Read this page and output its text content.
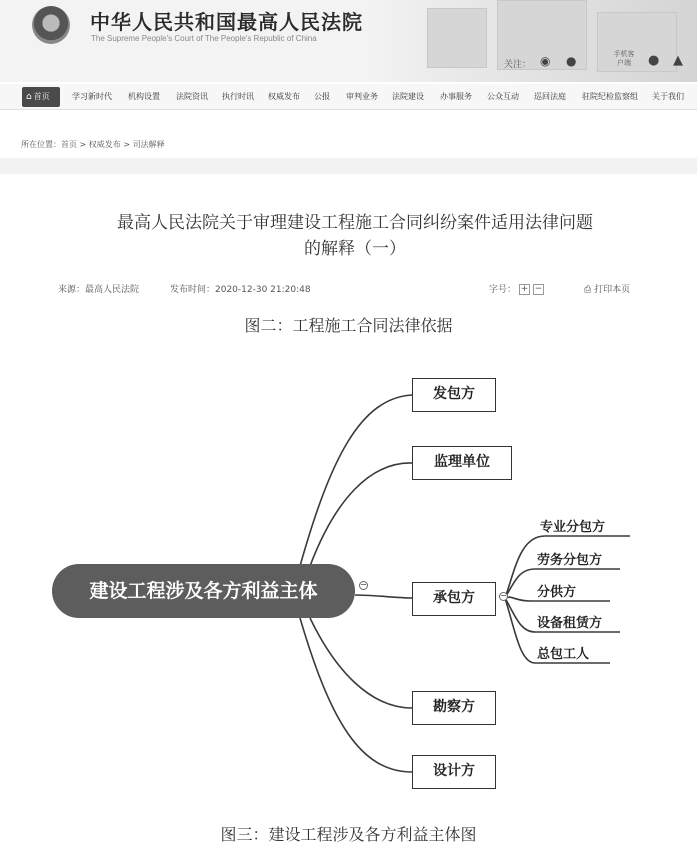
中华人民共和国最高人民法院
The Supreme People's Court of The People's Republic of China
关注： ◉ ●	手机客户端	● ▲
⌂ 首页	学习新时代 机构设置 法院资讯 执行时讯 权威发布 公报 审判业务 法院建设 办事服务 公众互动 巡回法庭 驻院纪检监察组 关于我们
所在位置：首页 > 权威发布 > 司法解释
最高人民法院关于审理建设工程施工合同纠纷案件适用法律问题
的解释（一）
来源：最高人民法院	发布时间：2020-12-30 21:20:48	字号： + −	⎙ 打印本页
图二：工程施工合同法律依据
建设工程涉及各方利益主体	−
发包方
监理单位
承包方	−
勘察方
设计方
专业分包方
劳务分包方
分供方
设备租赁方
总包工人
图三：建设工程涉及各方利益主体图
